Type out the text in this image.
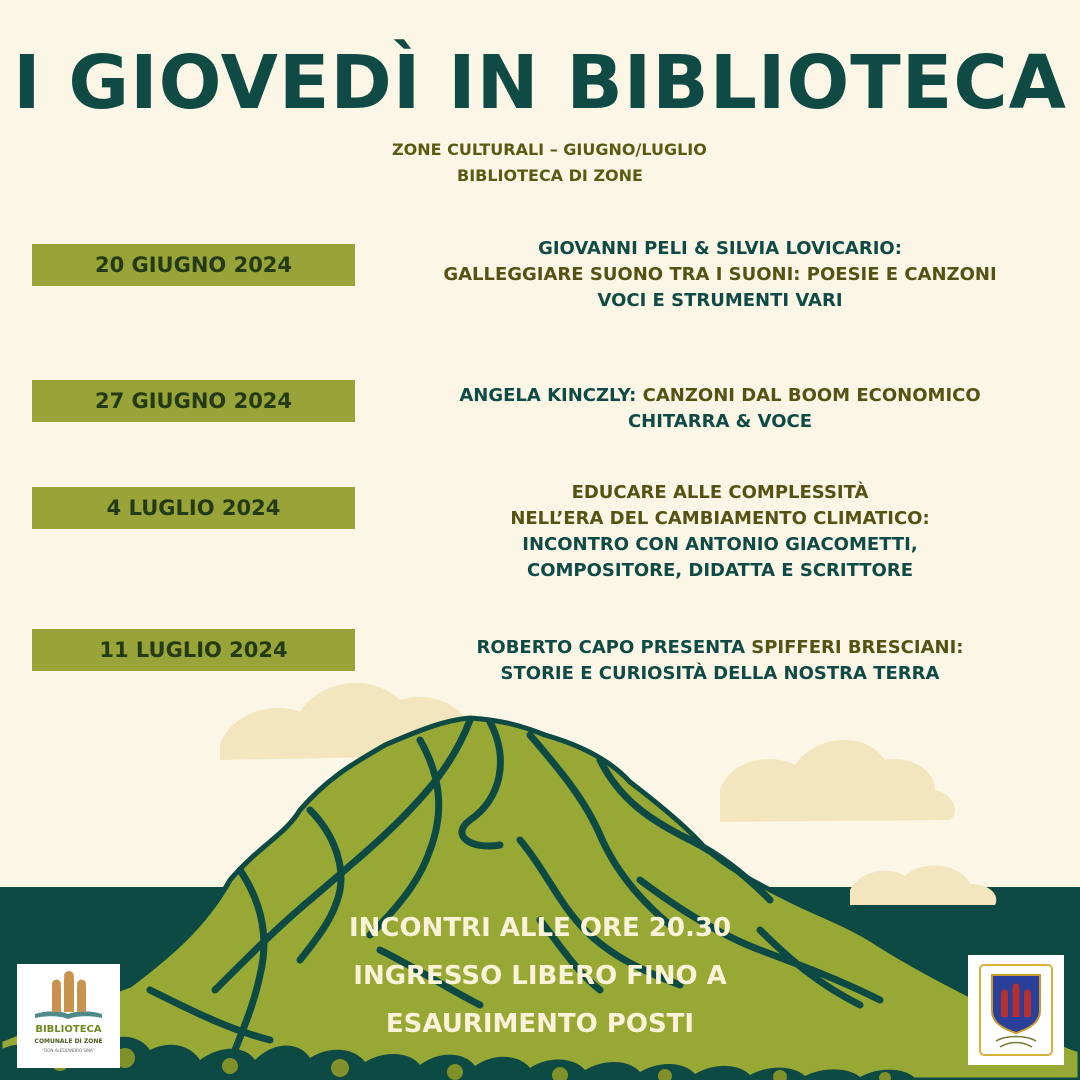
I GIOVEDÌ IN BIBLIOTECA
ZONE CULTURALI – GIUGNO/LUGLIO
BIBLIOTECA DI ZONE
20 GIUGNO 2024
GIOVANNI PELI & SILVIA LOVICARIO:
GALLEGGIARE SUONO TRA I SUONI: POESIE E CANZONI
VOCI E STRUMENTI VARI
27 GIUGNO 2024	ANGELA KINCZLY: CANZONI DAL BOOM ECONOMICO
CHITARRA & VOCE
4 LUGLIO 2024
EDUCARE ALLE COMPLESSITÀ
NELL’ERA DEL CAMBIAMENTO CLIMATICO:
INCONTRO CON ANTONIO GIACOMETTI,
COMPOSITORE, DIDATTA E SCRITTORE
11 LUGLIO 2024	ROBERTO CAPO PRESENTA SPIFFERI BRESCIANI:
STORIE E CURIOSITÀ DELLA NOSTRA TERRA
INCONTRI ALLE ORE 20.30
INGRESSO LIBERO FINO A
ESAURIMENTO POSTI
BIBLIOTECA
COMUNALE DI ZONE
"DON ALESSANDRO SINA"
